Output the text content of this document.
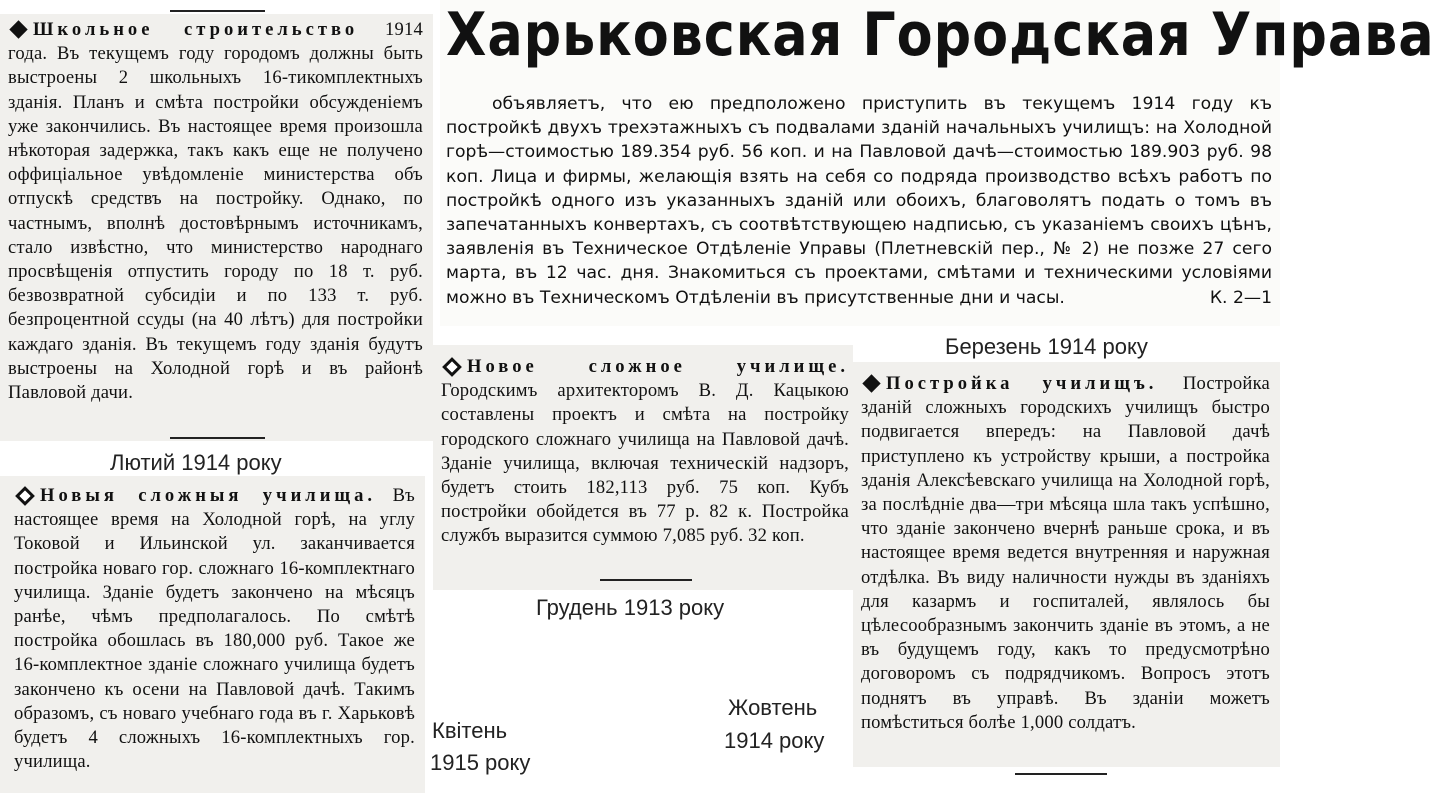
Школьное строительство 1914 года. Въ текущемъ году городомъ должны быть выстроены 2 школьныхъ 16-тикомплектныхъ зданія. Планъ и смѣта постройки обсужденіемъ уже закончились. Въ настоящее время произошла нѣкоторая задержка, такъ какъ еще не получено оффиціальное увѣдомленіе министерства объ отпускѣ средствъ на постройку. Однако, по частнымъ, вполнѣ достовѣрнымъ источникамъ, стало извѣстно, что министерство народнаго просвѣщенія отпустить городу по 18 т. руб. безвозвратной субсидіи и по 133 т. руб. безпроцентной ссуды (на 40 лѣтъ) для постройки каждаго зданія. Въ текущемъ году зданія будутъ выстроены на Холодной горѣ и въ районѣ Павловой дачи.

Лютий 1914 року
Харьковская Городская Управа
объявляетъ, что ею предположено приступить въ текущемъ 1914 году къ постройкѣ двухъ трехэтажныхъ съ подвалами зданій начальныхъ училищъ: на Холодной горѣ—стоимостью 189.354 руб. 56 коп. и на Павловой дачѣ—стоимостью 189.903 руб. 98 коп. Лица и фирмы, желающія взять на себя со подряда производство всѣхъ работъ по постройкѣ одного изъ указанныхъ зданій или обоихъ, благоволятъ подать о томъ въ запечатанныхъ конвертахъ, съ соотвѣтствующею надписью, съ указаніемъ своихъ цѣнъ, заявленія въ Техническое Отдѣленіе Управы (Плетневскій пер., № 2) не позже 27 сего марта, въ 12 час. дня. Знакомиться съ проектами, смѣтами и техническими условіями можно въ Техническомъ Отдѣленіи въ присутственные дни и часы.	К. 2—1
Березень 1914 року

Новое сложное училище. Городскимъ архитекторомъ В. Д. Кацыкою составлены проектъ и смѣта на постройку городского сложнаго училища на Павловой дачѣ. Зданіе училища, включая техническій надзоръ, будетъ стоить 182,113 руб. 75 коп. Кубъ постройки обойдется въ 77 р. 82 к. Постройка службъ выразится суммою 7,085 руб. 32 коп.

Грудень 1913 року

Постройка училищъ. Постройка зданій сложныхъ городскихъ училищъ быстро подвигается впередъ: на Павловой дачѣ приступлено къ устройству крыши, а постройка зданія Алексѣевскаго училища на Холодной горѣ, за послѣдніе два—три мѣсяца шла такъ успѣшно, что зданіе закончено вчернѣ раньше срока, и въ настоящее время ведется внутренняя и наружная отдѣлка. Въ виду наличности нужды въ зданіяхъ для казармъ и госпиталей, являлось бы цѣлесообразнымъ закончить зданіе въ этомъ, а не въ будущемъ году, какъ то предусмотрѣно договоромъ съ подрядчикомъ. Вопросъ этотъ поднятъ въ управѣ. Въ зданіи можетъ помѣститься болѣе 1,000 солдатъ.

Жовтень
1914 року

Новыя сложныя училища. Въ настоящее время на Холодной горѣ, на углу Токовой и Ильинской ул. заканчивается постройка новаго гор. сложнаго 16-комплектнаго училища. Зданіе будетъ закончено на мѣсяцъ ранѣе, чѣмъ предполагалось. По смѣтѣ постройка обошлась въ 180,000 руб. Такое же 16-комплектное зданіе сложнаго училища будетъ закончено къ осени на Павловой дачѣ. Такимъ образомъ, съ новаго учебнаго года въ г. Харьковѣ будетъ 4 сложныхъ 16-комплектныхъ гор. училища.

Квітень
1915 року
